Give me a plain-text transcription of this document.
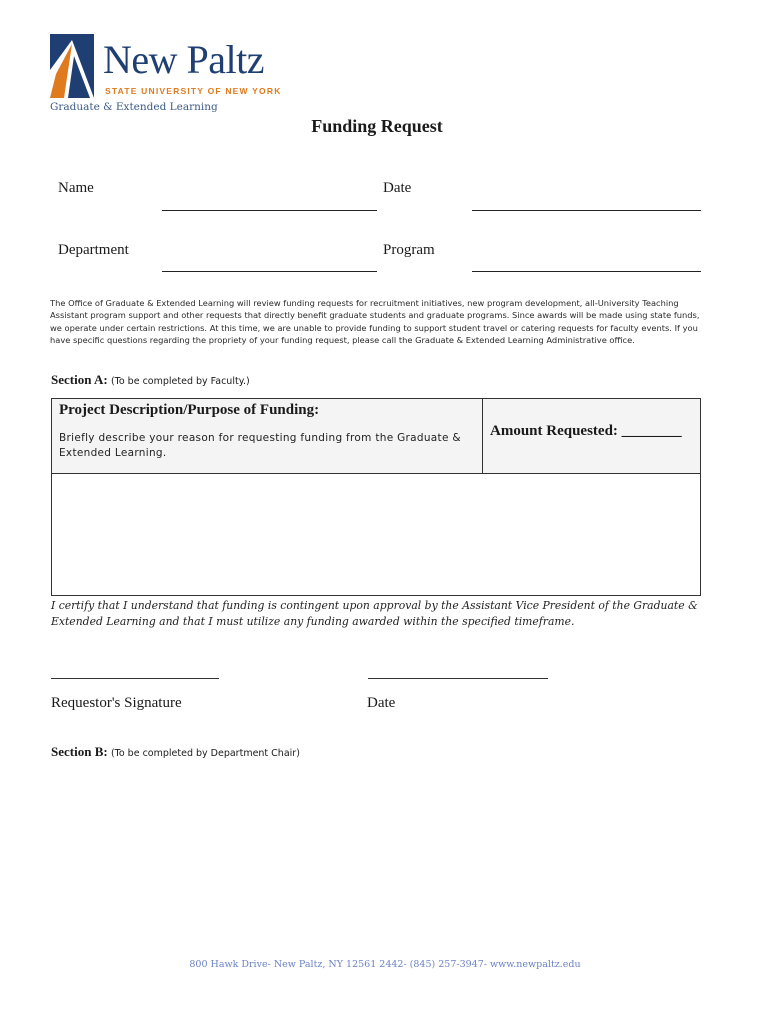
New Paltz
STATE UNIVERSITY OF NEW YORK
Graduate & Extended Learning
Funding Request
Name	Date
Department	Program
The Office of Graduate & Extended Learning will review funding requests for recruitment initiatives, new program development, all-University Teaching Assistant program support and other requests that directly benefit graduate students and graduate programs. Since awards will be made using state funds, we operate under certain restrictions. At this time, we are unable to provide funding to support student travel or catering requests for faculty events. If you have specific questions regarding the propriety of your funding request, please call the Graduate & Extended Learning Administrative office.
Section A: (To be completed by Faculty.)
Project Description/Purpose of Funding:
Briefly describe your reason for requesting funding from the Graduate & Extended Learning.
Amount Requested: ________
I certify that I understand that funding is contingent upon approval by the Assistant Vice President of the Graduate & Extended Learning and that I must utilize any funding awarded within the specified timeframe.
Requestor's Signature	Date
Section B: (To be completed by Department Chair)
800 Hawk Drive- New Paltz, NY 12561 2442- (845) 257-3947- www.newpaltz.edu
